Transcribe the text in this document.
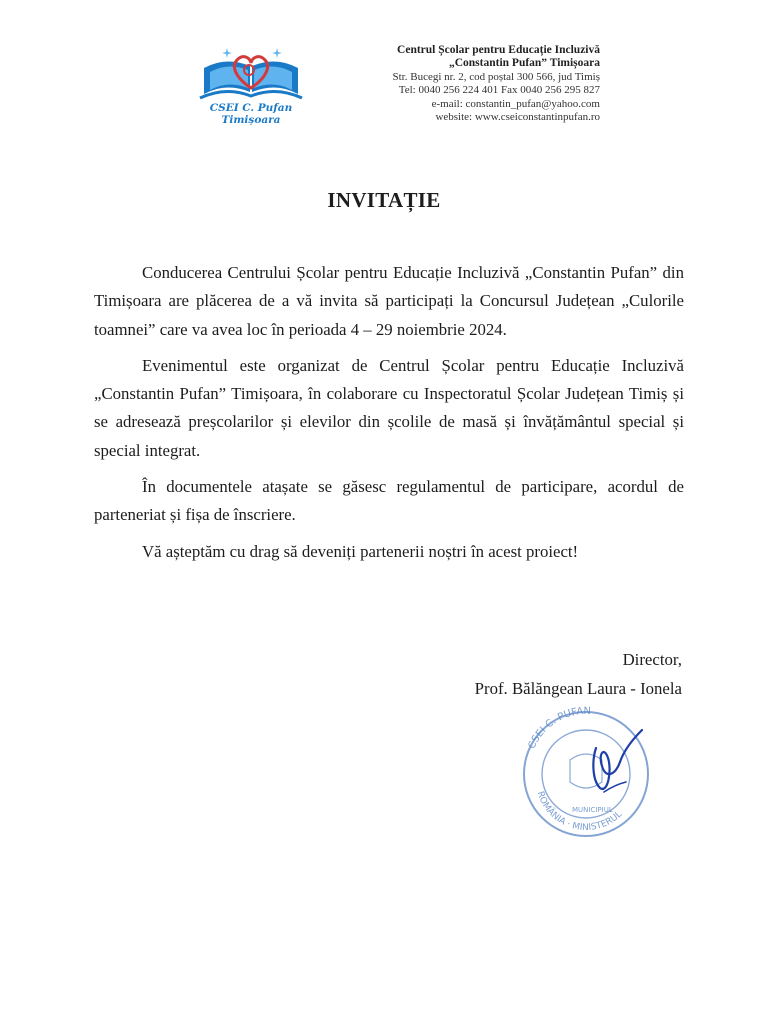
CSEI C. Pufan
Timișoara
Centrul Școlar pentru Educație Incluzivă
„Constantin Pufan” Timișoara
Str. Bucegi nr. 2, cod poștal 300 566, jud Timiș
Tel: 0040 256 224 401 Fax 0040 256 295 827
e-mail: constantin_pufan@yahoo.com
website: www.cseiconstantinpufan.ro
INVITAȚIE

Conducerea Centrului Școlar pentru Educație Incluzivă „Constantin Pufan” din Timișoara are plăcerea de a vă invita să participați la Concursul Județean „Culorile toamnei” care va avea loc în perioada 4 – 29 noiembrie 2024.

Evenimentul este organizat de Centrul Școlar pentru Educație Incluzivă „Constantin Pufan” Timișoara, în colaborare cu Inspectoratul Școlar Județean Timiș și se adresează preșcolarilor și elevilor din școlile de masă și învățământul special și special integrat.

În documentele atașate se găsesc regulamentul de participare, acordul de parteneriat și fișa de înscriere.

Vă așteptăm cu drag să deveniți partenerii noștri în acest proiect!

Director,
Prof. Bălăngean Laura - Ionela
CSEI C. PUFAN
ROMÂNIA · MINISTERUL
MUNICIPIUL
